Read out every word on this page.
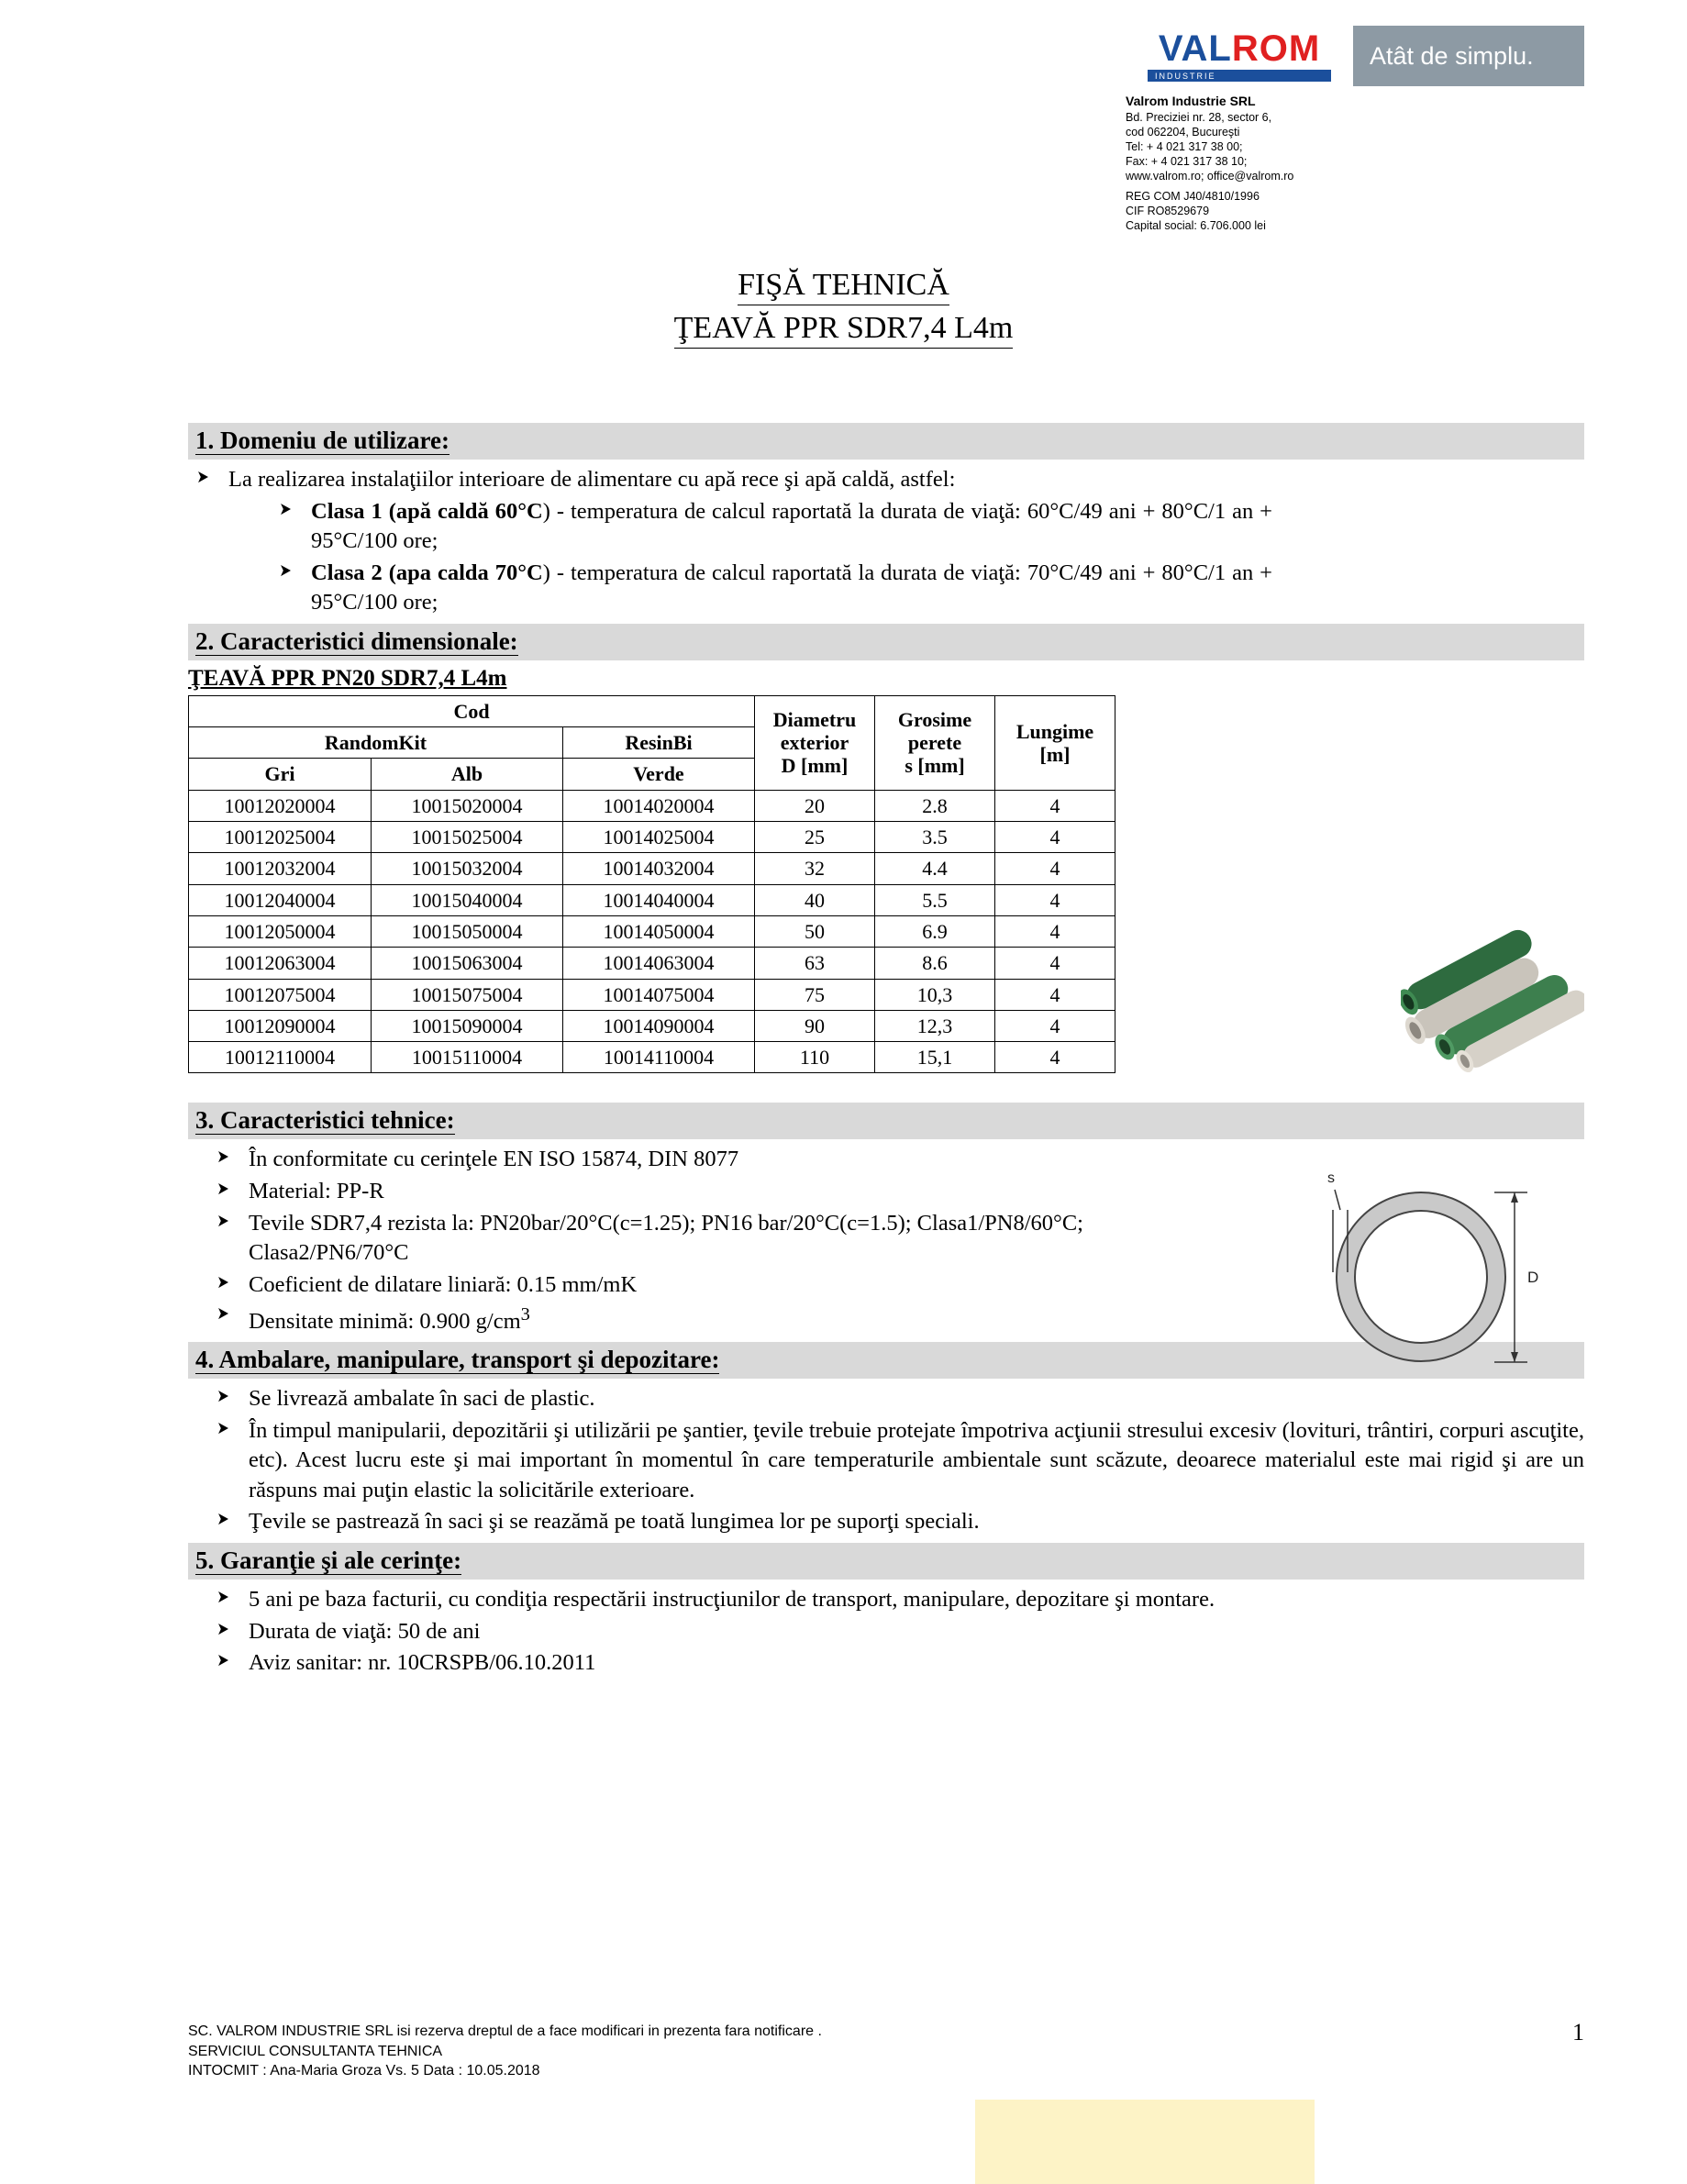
VALROM
INDUSTRIE
Atât de simplu.
Valrom Industrie SRL
Bd. Preciziei nr. 28, sector 6,
cod 062204, Bucureşti
Tel: + 4 021 317 38 00;
Fax: + 4 021 317 38 10;
www.valrom.ro; office@valrom.ro
REG COM J40/4810/1996
CIF RO8529679
Capital social: 6.706.000 lei
FIŞĂ TEHNICĂ
ŢEAVĂ PPR SDR7,4 L4m
1. Domeniu de utilizare:
➤ La realizarea instalaţiilor interioare de alimentare cu apă rece şi apă caldă, astfel:
➤ Clasa 1 (apă caldă 60°C) - temperatura de calcul raportată la durata de viaţă: 60°C/49 ani + 80°C/1 an + 95°C/100 ore;
➤ Clasa 2 (apa calda 70°C) - temperatura de calcul raportată la durata de viaţă: 70°C/49 ani + 80°C/1 an + 95°C/100 ore;
2. Caracteristici dimensionale:
ŢEAVĂ PPR PN20 SDR7,4 L4m
Cod			Diametru
exterior
D [mm]	Grosime
perete
s [mm]	Lungime
[m]
RandomKit		ResinBi			
Gri	Alb	Verde			
10012020004	10015020004	10014020004	20	2.8	4
10012025004	10015025004	10014025004	25	3.5	4
10012032004	10015032004	10014032004	32	4.4	4
10012040004	10015040004	10014040004	40	5.5	4
10012050004	10015050004	10014050004	50	6.9	4
10012063004	10015063004	10014063004	63	8.6	4
10012075004	10015075004	10014075004	75	10,3	4
10012090004	10015090004	10014090004	90	12,3	4
10012110004	10015110004	10014110004	110	15,1	4
3. Caracteristici tehnice:
➤ În conformitate cu cerinţele EN ISO 15874, DIN 8077
➤ Material: PP-R
➤ Tevile SDR7,4 rezista la: PN20bar/20°C(c=1.25); PN16 bar/20°C(c=1.5); Clasa1/PN8/60°C; Clasa2/PN6/70°C
➤ Coeficient de dilatare liniară: 0.15 mm/mK
➤ Densitate minimă: 0.900 $g/cm^3$
4. Ambalare, manipulare, transport şi depozitare:
➤ Se livrează ambalate în saci de plastic.
➤ În timpul manipularii, depozitării şi utilizării pe şantier, ţevile trebuie protejate împotriva acţiunii stresului excesiv (lovituri, trântiri, corpuri ascuţite, etc). Acest lucru este şi mai important în momentul în care temperaturile ambientale sunt scăzute, deoarece materialul este mai rigid şi are un răspuns mai puţin elastic la solicitările exterioare.
➤ Ţevile se pastrează în saci şi se reazămă pe toată lungimea lor pe suporţi speciali.
5. Garanţie şi ale cerinţe:
➤ 5 ani pe baza facturii, cu condiţia respectării instrucţiunilor de transport, manipulare, depozitare şi montare.
➤ Durata de viaţă: 50 de ani
➤ Aviz sanitar: nr. 10CRSPB/06.10.2011
s
D
SC. VALROM INDUSTRIE SRL isi rezerva dreptul de a face modificari in prezenta fara notificare .
SERVICIUL CONSULTANTA TEHNICA
INTOCMIT : Ana-Maria Groza Vs. 5 Data : 10.05.2018
1
